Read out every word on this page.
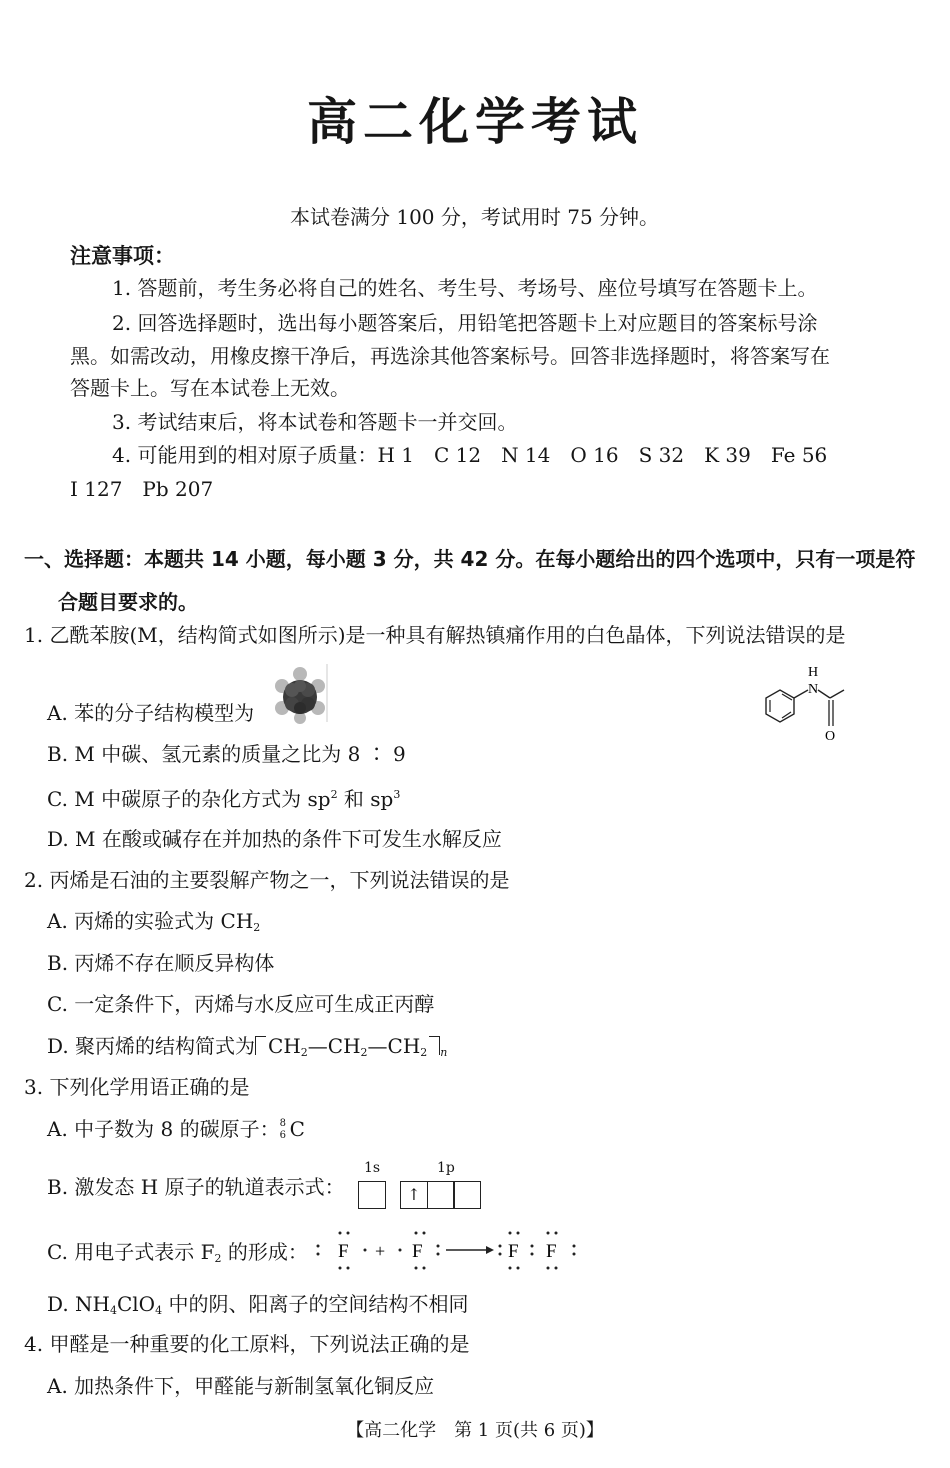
高二化学考试
本试卷满分 100 分，考试用时 75 分钟。
注意事项：
1. 答题前，考生务必将自己的姓名、考生号、考场号、座位号填写在答题卡上。
2. 回答选择题时，选出每小题答案后，用铅笔把答题卡上对应题目的答案标号涂
黑。如需改动，用橡皮擦干净后，再选涂其他答案标号。回答非选择题时，将答案写在
答题卡上。写在本试卷上无效。
3. 考试结束后，将本试卷和答题卡一并交回。
4. 可能用到的相对原子质量：H 1　C 12　N 14　O 16　S 32　K 39　Fe 56
I 127　Pb 207
一、选择题：本题共 14 小题，每小题 3 分，共 42 分。在每小题给出的四个选项中，只有一项是符
合题目要求的。
1. 乙酰苯胺(M，结构简式如图所示)是一种具有解热镇痛作用的白色晶体，下列说法错误的是
A. 苯的分子结构模型为
H
N
O
B. M 中碳、氢元素的质量之比为 8 ∶ 9
C. M 中碳原子的杂化方式为 $sp^2$ 和 $sp^3$
D. M 在酸或碱存在并加热的条件下可发生水解反应
2. 丙烯是石油的主要裂解产物之一，下列说法错误的是
A. 丙烯的实验式为 $CH_2$
B. 丙烯不存在顺反异构体
C. 一定条件下，丙烯与水反应可生成正丙醇
D. 聚丙烯的结构简式为 $CH_2—CH_2—CH_2$ $_n$
3. 下列化学用语正确的是
A. 中子数为 8 的碳原子： 8
6 C
B. 激发态 H 原子的轨道表示式：
1s	1p
↑
C. 用电子式表示 $F_2$ 的形成： F + F	F F
D. $NH_4ClO_4$ 中的阴、阳离子的空间结构不相同
4. 甲醛是一种重要的化工原料，下列说法正确的是
A. 加热条件下，甲醛能与新制氢氧化铜反应
【高二化学　第 1 页(共 6 页)】
